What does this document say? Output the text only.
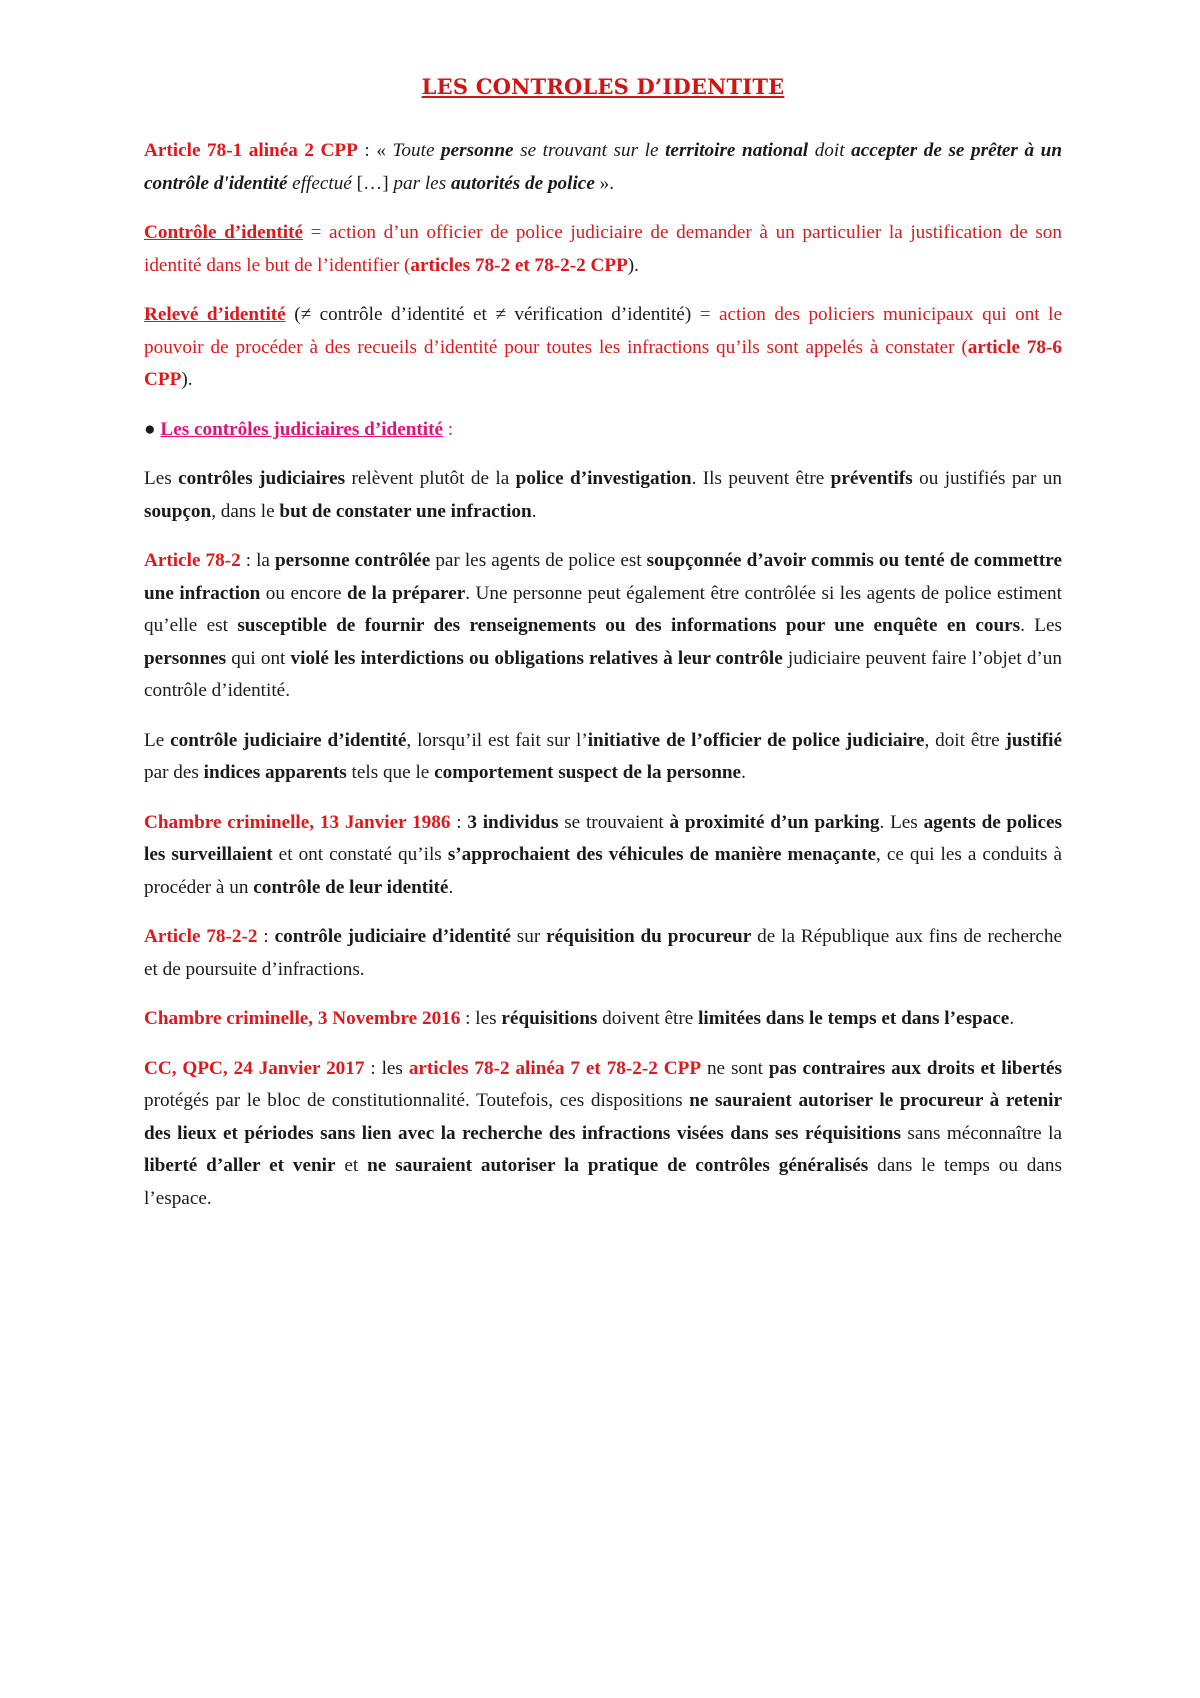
LES CONTROLES D’IDENTITE

Article 78-1 alinéa 2 CPP : « Toute personne se trouvant sur le territoire national doit accepter de se prêter à un contrôle d'identité effectué […] par les autorités de police ».

Contrôle d’identité = action d’un officier de police judiciaire de demander à un particulier la justification de son identité dans le but de l’identifier (articles 78-2 et 78-2-2 CPP).

Relevé d’identité (≠ contrôle d’identité et ≠ vérification d’identité) = action des policiers municipaux qui ont le pouvoir de procéder à des recueils d’identité pour toutes les infractions qu’ils sont appelés à constater (article 78-6 CPP).

● Les contrôles judiciaires d’identité :

Les contrôles judiciaires relèvent plutôt de la police d’investigation. Ils peuvent être préventifs ou justifiés par un soupçon, dans le but de constater une infraction.

Article 78-2 : la personne contrôlée par les agents de police est soupçonnée d’avoir commis ou tenté de commettre une infraction ou encore de la préparer. Une personne peut également être contrôlée si les agents de police estiment qu’elle est susceptible de fournir des renseignements ou des informations pour une enquête en cours. Les personnes qui ont violé les interdictions ou obligations relatives à leur contrôle judiciaire peuvent faire l’objet d’un contrôle d’identité.

Le contrôle judiciaire d’identité, lorsqu’il est fait sur l’initiative de l’officier de police judiciaire, doit être justifié par des indices apparents tels que le comportement suspect de la personne.

Chambre criminelle, 13 Janvier 1986 : 3 individus se trouvaient à proximité d’un parking. Les agents de polices les surveillaient et ont constaté qu’ils s’approchaient des véhicules de manière menaçante, ce qui les a conduits à procéder à un contrôle de leur identité.

Article 78-2-2 : contrôle judiciaire d’identité sur réquisition du procureur de la République aux fins de recherche et de poursuite d’infractions.

Chambre criminelle, 3 Novembre 2016 : les réquisitions doivent être limitées dans le temps et dans l’espace.

CC, QPC, 24 Janvier 2017 : les articles 78-2 alinéa 7 et 78-2-2 CPP ne sont pas contraires aux droits et libertés protégés par le bloc de constitutionnalité. Toutefois, ces dispositions ne sauraient autoriser le procureur à retenir des lieux et périodes sans lien avec la recherche des infractions visées dans ses réquisitions sans méconnaître la liberté d’aller et venir et ne sauraient autoriser la pratique de contrôles généralisés dans le temps ou dans l’espace.
